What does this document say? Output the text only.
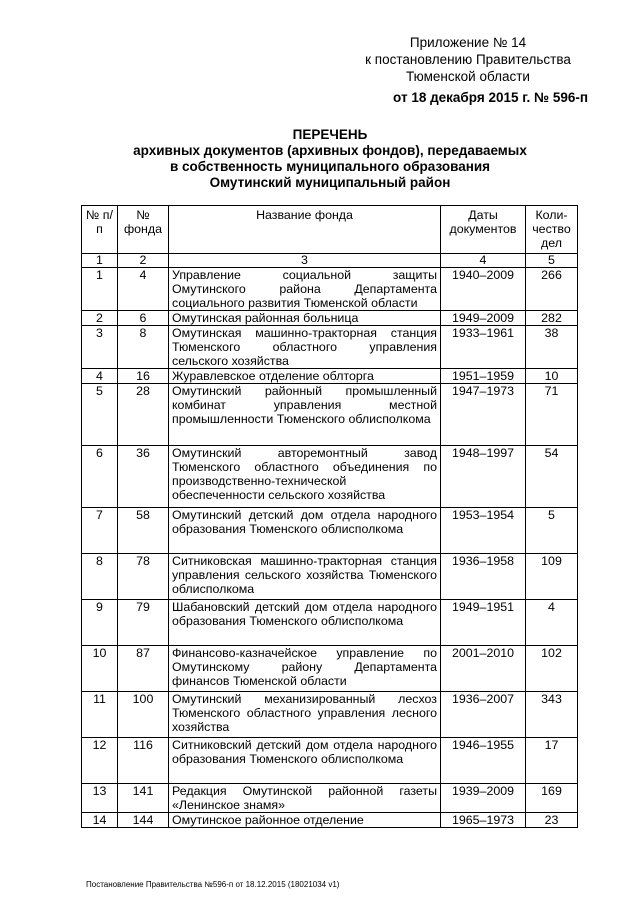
Приложение № 14
к постановлению Правительства
Тюменской области
от 18 декабря 2015 г. № 596-п
ПЕРЕЧЕНЬ
архивных документов (архивных фондов), передаваемых
в собственность муниципального образования
Омутинский муниципальный район
№ п/п	№ фонда	Название фонда	Даты документов	Коли-чество дел
1	2	3	4	5
1	4	Управление социальной защиты Омутинского района Департамента социального развития Тюменской области	1940–2009	266
2	6	Омутинская районная больница	1949–2009	282
3	8	Омутинская машинно-тракторная станция Тюменского областного управления сельского хозяйства	1933–1961	38
4	16	Журавлевское отделение облторга	1951–1959	10
5	28	Омутинский районный промышленный комбинат управления местной промышленности Тюменского облисполкома	1947–1973	71
6	36	Омутинский авторемонтный завод Тюменского областного объединения по производственно-технической обеспеченности сельского хозяйства	1948–1997	54
7	58	Омутинский детский дом отдела народного образования Тюменского облисполкома	1953–1954	5
8	78	Ситниковская машинно-тракторная станция управления сельского хозяйства Тюменского облисполкома	1936–1958	109
9	79	Шабановский детский дом отдела народного образования Тюменского облисполкома	1949–1951	4
10	87	Финансово-казначейское управление по Омутинскому району Департамента финансов Тюменской области	2001–2010	102
11	100	Омутинский механизированный лесхоз Тюменского областного управления лесного хозяйства	1936–2007	343
12	116	Ситниковский детский дом отдела народного образования Тюменского облисполкома	1946–1955	17
13	141	Редакция Омутинской районной газеты «Ленинское знамя»	1939–2009	169
14	144	Омутинское районное отделение	1965–1973	23
Постановление Правительства №596-п от 18.12.2015 (18021034 v1)
